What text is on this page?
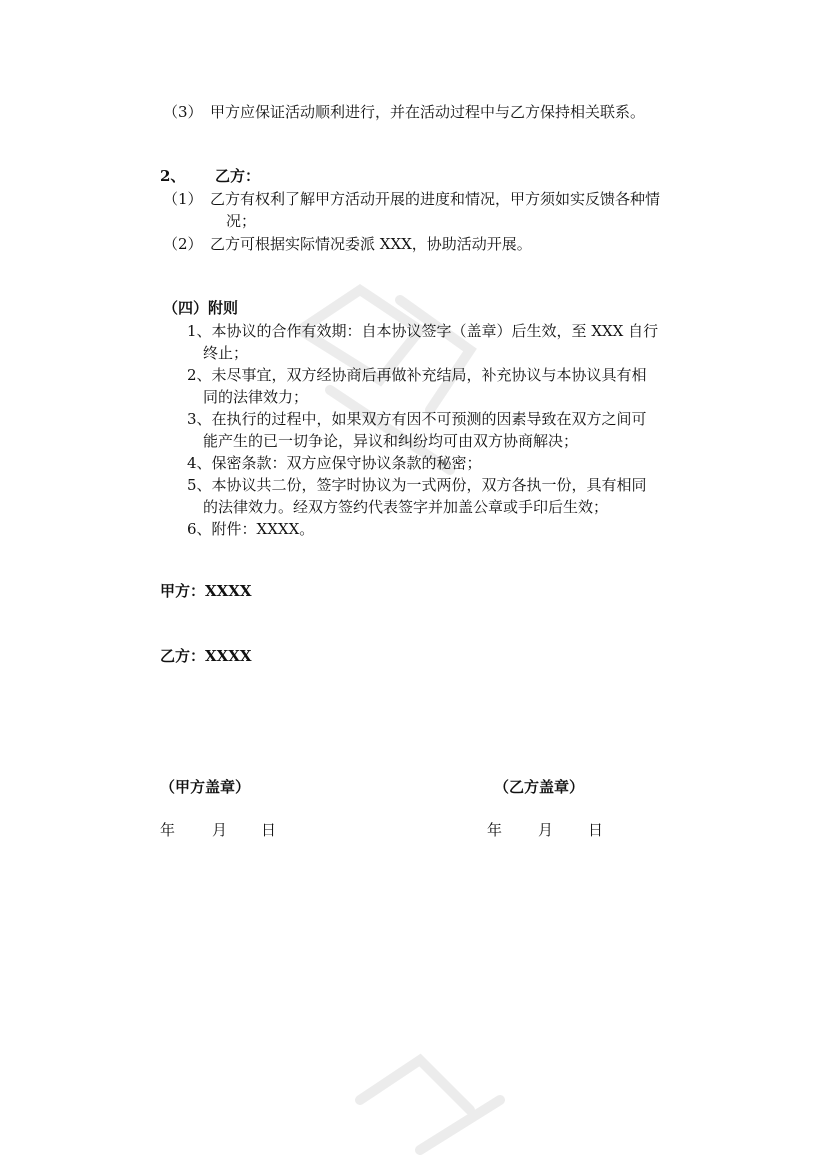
（3） 甲方应保证活动顺利进行，并在活动过程中与乙方保持相关联系。
2、 乙方：
（1） 乙方有权利了解甲方活动开展的进度和情况，甲方须如实反馈各种情
况；
（2） 乙方可根据实际情况委派 XXX，协助活动开展。
（四）附则
1、本协议的合作有效期：自本协议签字（盖章）后生效，至 XXX 自行
终止；
2、未尽事宜，双方经协商后再做补充结局，补充协议与本协议具有相
同的法律效力；
3、在执行的过程中，如果双方有因不可预测的因素导致在双方之间可
能产生的已一切争论，异议和纠纷均可由双方协商解决；
4、保密条款：双方应保守协议条款的秘密；
5、本协议共二份，签字时协议为一式两份，双方各执一份，具有相同
的法律效力。经双方签约代表签字并加盖公章或手印后生效；
6、附件：XXXX。
甲方：XXXX
乙方：XXXX
（甲方盖章）	（乙方盖章）
年 月 日	年 月 日
